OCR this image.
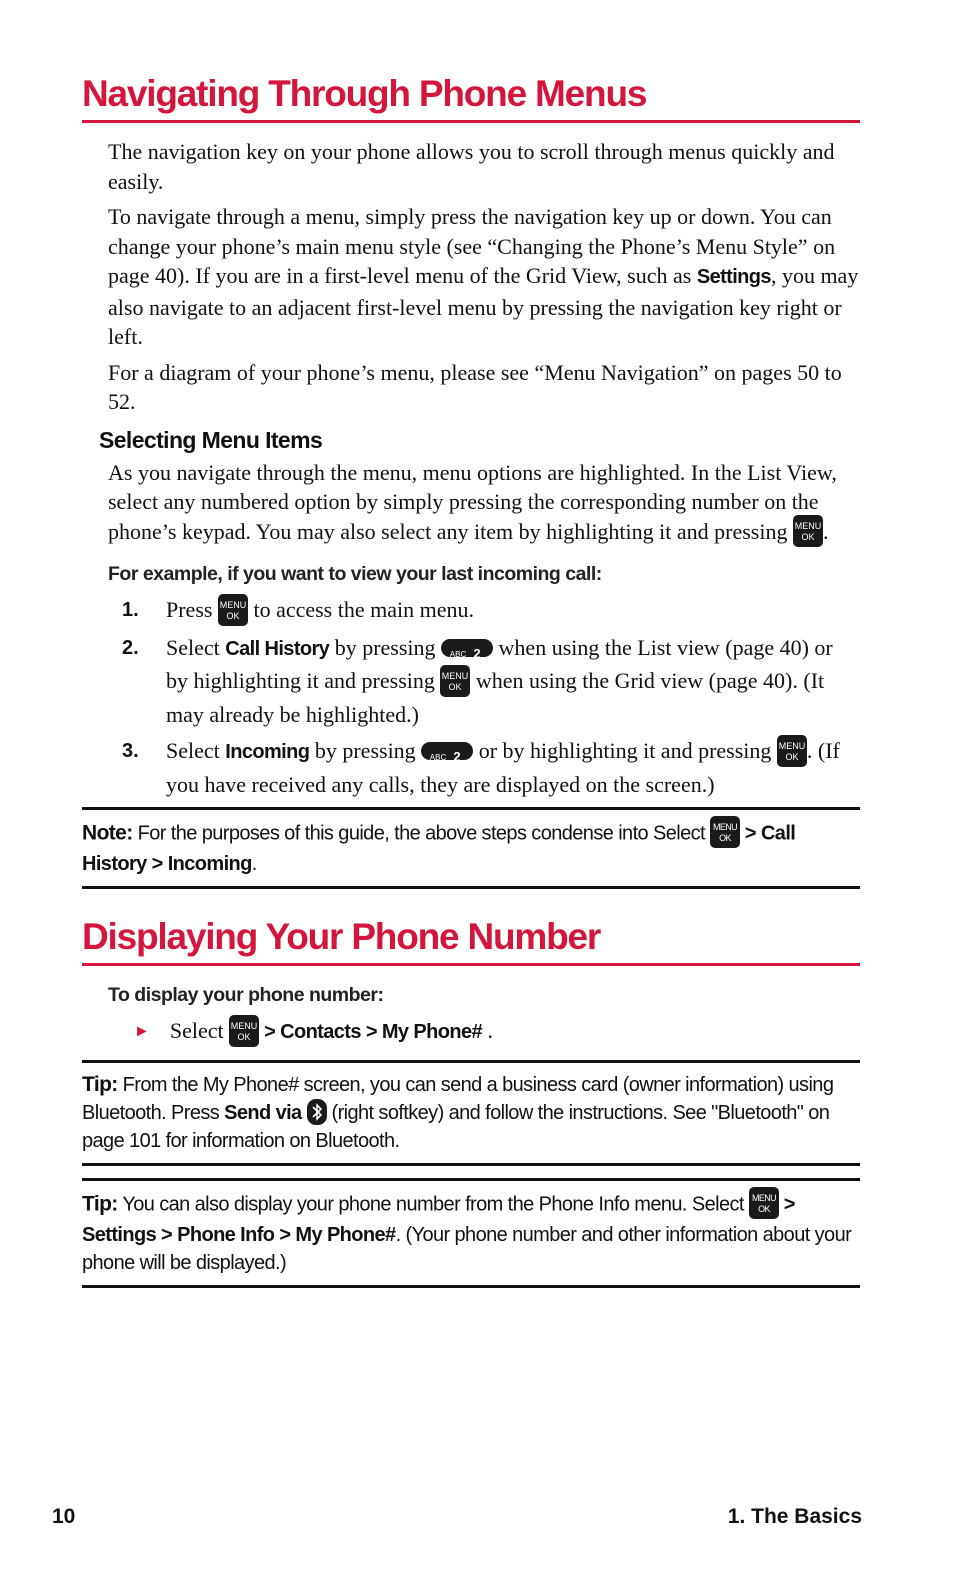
Navigating Through Phone Menus

The navigation key on your phone allows you to scroll through menus quickly and easily.

To navigate through a menu, simply press the navigation key up or down. You can change your phone’s main menu style (see “Changing the Phone’s Menu Style” on page 40). If you are in a first-level menu of the Grid View, such as Settings, you may also navigate to an adjacent first-level menu by pressing the navigation key right or left.

For a diagram of your phone’s menu, please see “Menu Navigation” on pages 50 to 52.

Selecting Menu Items

As you navigate through the menu, menu options are highlighted. In the List View, select any numbered option by simply pressing the corresponding number on the phone’s keypad. You may also select any item by highlighting it and pressing MENU
OK .

For example, if you want to view your last incoming call:
1. Press MENU
OK to access the main menu.
2. Select Call History by pressing ABC 2 when using the List view (page 40) or by highlighting it and pressing MENU
OK when using the Grid view (page 40). (It may already be highlighted.)
3. Select Incoming by pressing ABC 2 or by highlighting it and pressing MENU
OK . (If you have received any calls, they are displayed on the screen.)
Note: For the purposes of this guide, the above steps condense into Select MENU
OK > Call History > Incoming.
Displaying Your Phone Number
To display your phone number:
► Select MENU
OK > Contacts > My Phone# .
Tip: From the My Phone# screen, you can send a business card (owner information) using Bluetooth. Press Send via  (right softkey) and follow the instructions. See "Bluetooth" on page 101 for information on Bluetooth.
Tip: You can also display your phone number from the Phone Info menu. Select MENU
OK > Settings > Phone Info > My Phone#. (Your phone number and other information about your phone will be displayed.)
10	1. The Basics
